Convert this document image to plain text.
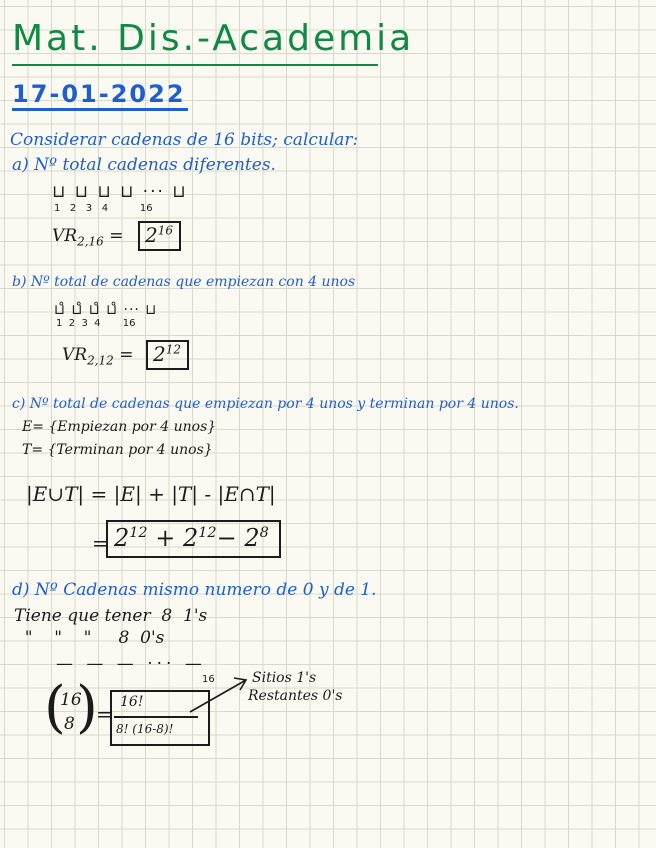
Mat. Dis.-Academia
17-01-2022
Considerar cadenas de 16 bits; calcular:
a) Nº total cadenas diferentes.
⊔ ⊔ ⊔ ⊔ ··· ⊔
1   2   3   4          16
$VR_{2,16}$ =	$2^{16}$
b) Nº total de cadenas que empiezan con 4 unos
⊔̊ ⊔̊ ⊔̊ ⊔̊ ··· ⊔
1  2  3  4       16
$VR_{2,12} = 2^{12}$
c) Nº total de cadenas que empiezan por 4 unos y terminan por 4 unos.
E= {Empiezan por 4 unos}
T= {Terminan por 4 unos}
|E∪T| = |E| + |T| - |E∩T|
= $2^{12} + 2^{12}- 2^8$
d) Nº Cadenas mismo numero de 0 y de 1.
Tiene que tener  8  1's
"    "    "     8  0's
— — — ··· —
16	Sitios 1's
Restantes 0's
(
16
8 )
= 16!
8! (16-8)!
